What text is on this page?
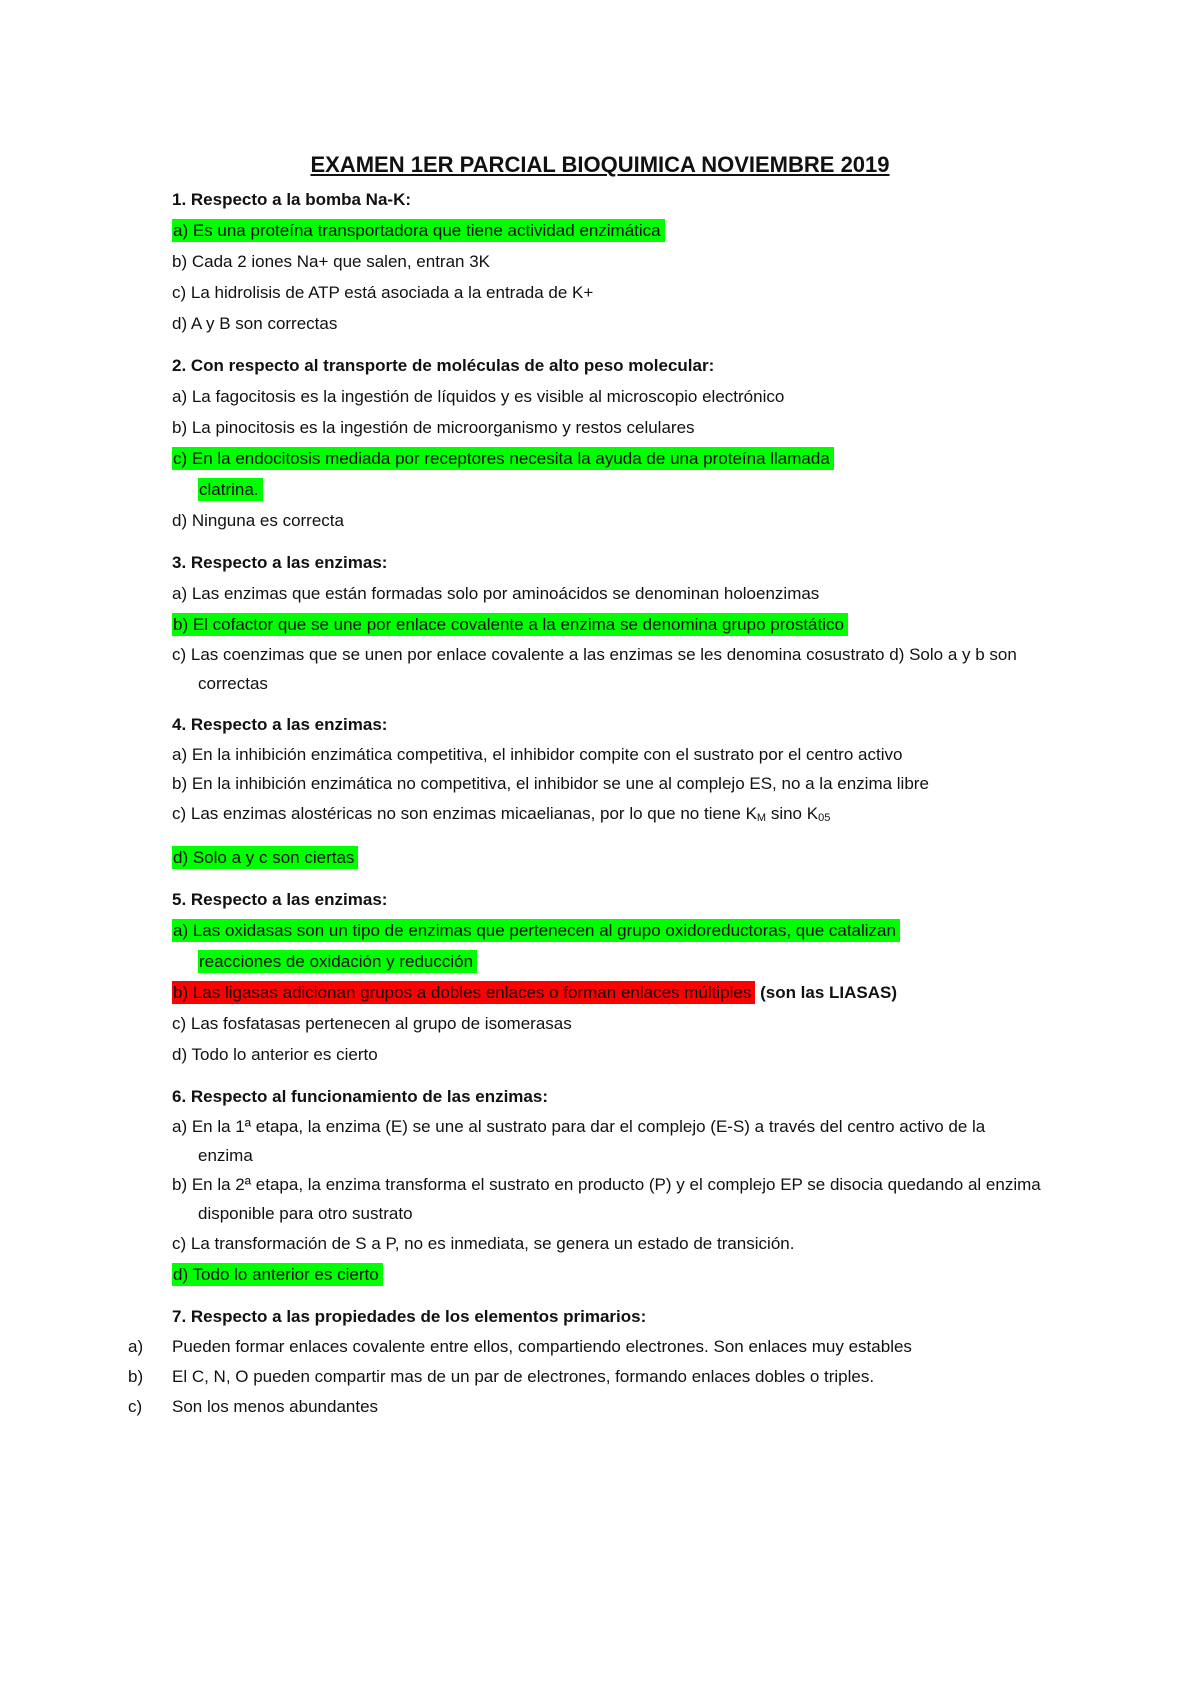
EXAMEN 1ER PARCIAL BIOQUIMICA NOVIEMBRE 2019
1. Respecto a la bomba Na-K:
a) Es una proteína transportadora que tiene actividad enzimática
b) Cada 2 iones Na+ que salen, entran 3K
c) La hidrolisis de ATP está asociada a la entrada de K+
d) A y B son correctas
2. Con respecto al transporte de moléculas de alto peso molecular:
a) La fagocitosis es la ingestión de líquidos y es visible al microscopio electrónico
b) La pinocitosis es la ingestión de microorganismo y restos celulares
c) En la endocitosis mediada por receptores necesita la ayuda de una proteína llamada
clatrina.
d) Ninguna es correcta
3. Respecto a las enzimas:
a) Las enzimas que están formadas solo por aminoácidos se denominan holoenzimas
b) El cofactor que se une por enlace covalente a la enzima se denomina grupo prostático
c) Las coenzimas que se unen por enlace covalente a las enzimas se les denomina cosustrato d) Solo a y b son correctas
4. Respecto a las enzimas:
a) En la inhibición enzimática competitiva, el inhibidor compite con el sustrato por el centro activo
b) En la inhibición enzimática no competitiva, el inhibidor se une al complejo ES, no a la enzima libre
c) Las enzimas alostéricas no son enzimas micaelianas, por lo que no tiene $K_M$ sino $K_{05}$
d) Solo a y c son ciertas
5. Respecto a las enzimas:
a) Las oxidasas son un tipo de enzimas que pertenecen al grupo oxidoreductoras, que catalizan
reacciones de oxidación y reducción
b) Las ligasas adicionan grupos a dobles enlaces o forman enlaces múltiples (son las LIASAS)
c) Las fosfatasas pertenecen al grupo de isomerasas
d) Todo lo anterior es cierto
6. Respecto al funcionamiento de las enzimas:
a) En la 1ª etapa, la enzima (E) se une al sustrato para dar el complejo (E-S) a través del centro activo de la enzima
b) En la 2ª etapa, la enzima transforma el sustrato en producto (P) y el complejo EP se disocia quedando al enzima disponible para otro sustrato
c) La transformación de S a P, no es inmediata, se genera un estado de transición.
d) Todo lo anterior es cierto
7. Respecto a las propiedades de los elementos primarios:
a) Pueden formar enlaces covalente entre ellos, compartiendo electrones. Son enlaces muy estables
b) El C, N, O pueden compartir mas de un par de electrones, formando enlaces dobles o triples.
c) Son los menos abundantes
